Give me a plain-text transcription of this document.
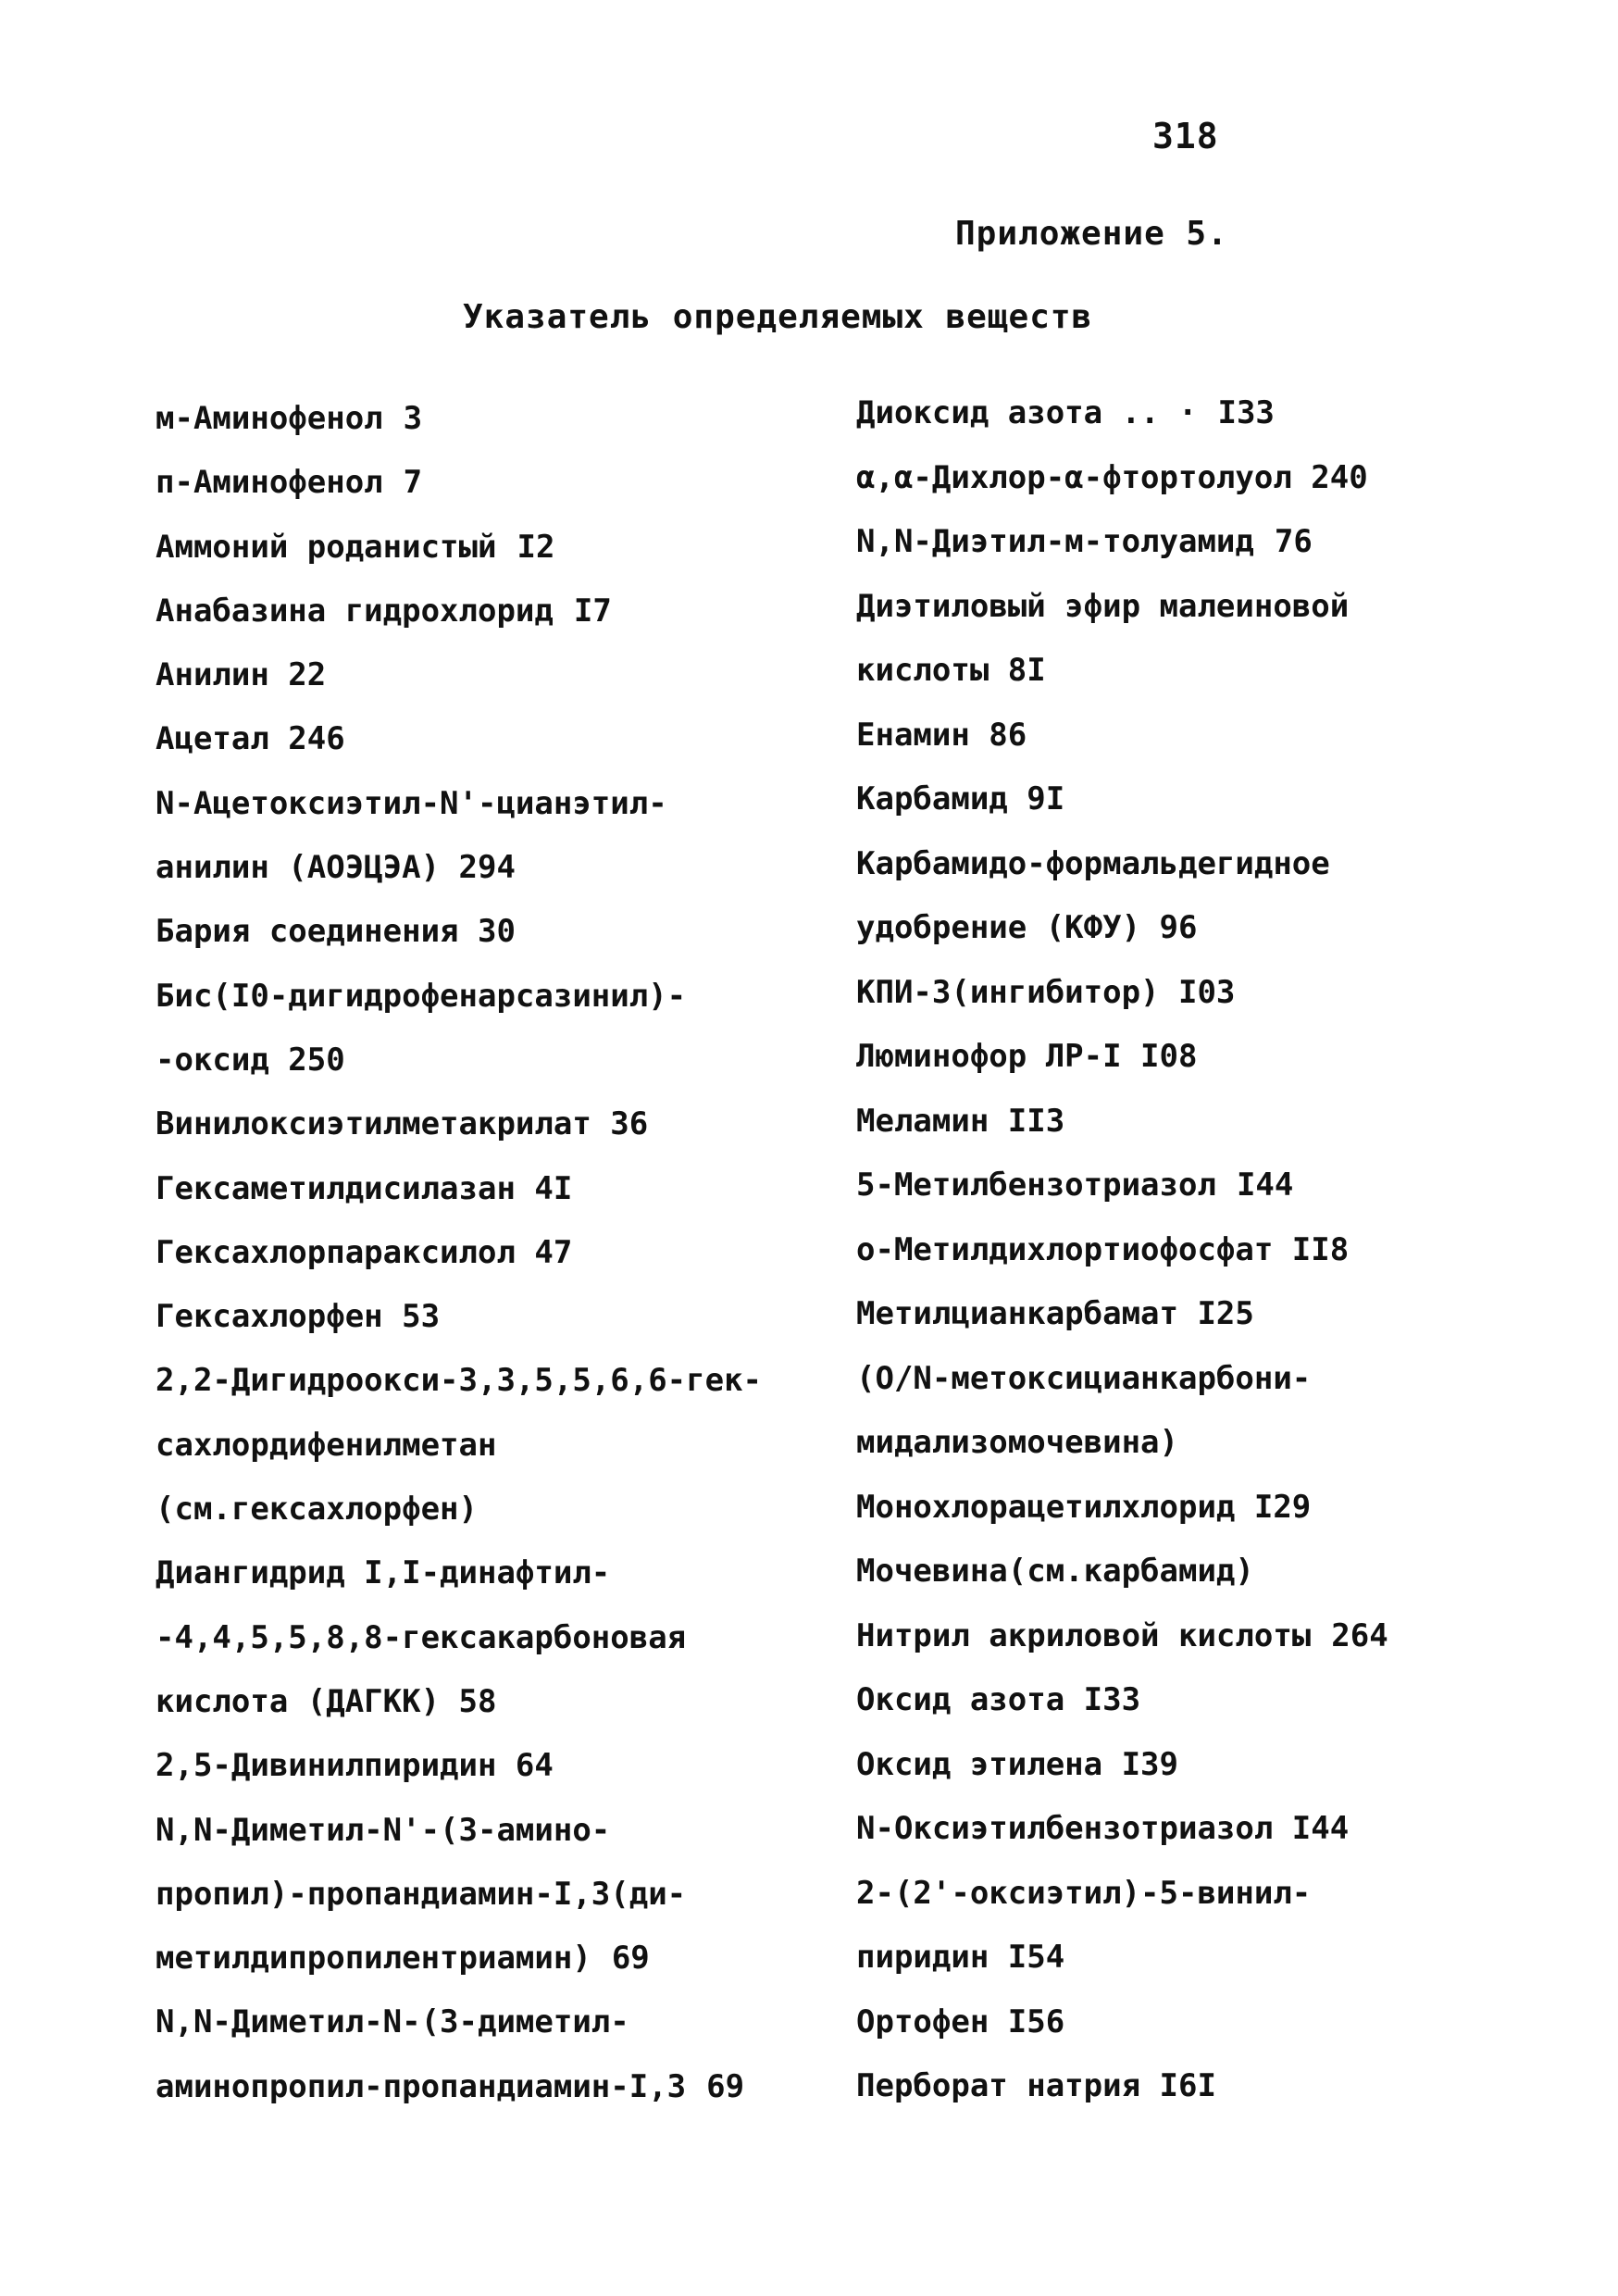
318
Приложение 5.
Указатель определяемых веществ
м-Аминофенол 3
п-Аминофенол 7
Аммоний роданистый I2
Анабазина гидрохлорид I7
Анилин 22
Ацетал 246
N-Ацетоксиэтил-N'-цианэтил-
анилин (АОЭЦЭА) 294
Бария соединения 30
Бис(I0-дигидрофенарсазинил)-
-оксид 250
Винилоксиэтилметакрилат 36
Гексаметилдисилазан 4I
Гексахлорпараксилол 47
Гексахлорфен 53
2,2-Дигидроокси-3,3,5,5,6,6-гек-
сахлордифенилметан
(см.гексахлорфен)
Диангидрид I,I-динафтил-
-4,4,5,5,8,8-гексакарбоновая
кислота (ДАГКК) 58
2,5-Дивинилпиридин 64
N,N-Диметил-N'-(3-амино-
пропил)-пропандиамин-I,3(ди-
метилдипропилентриамин) 69
N,N-Диметил-N-(3-диметил-
аминопропил-пропандиамин-I,3 69
Диоксид азота .. · I33
α,α-Дихлор-α-фтортолуол 240
N,N-Диэтил-м-толуамид 76
Диэтиловый эфир малеиновой
кислоты 8I
Енамин 86
Карбамид 9I
Карбамидо-формальдегидное
удобрение (КФУ) 96
КПИ-3(ингибитор) I03
Люминофор ЛР-I I08
Меламин II3
5-Метилбензотриазол I44
о-Метилдихлортиофосфат II8
Метилцианкарбамат I25
(О/N-метоксицианкарбони-
мидализомочевина)
Монохлорацетилхлорид I29
Мочевина(см.карбамид)
Нитрил акриловой кислоты 264
Оксид азота I33
Оксид этилена I39
N-Оксиэтилбензотриазол I44
2-(2'-оксиэтил)-5-винил-
пиридин I54
Ортофен I56
Перборат натрия I6I
